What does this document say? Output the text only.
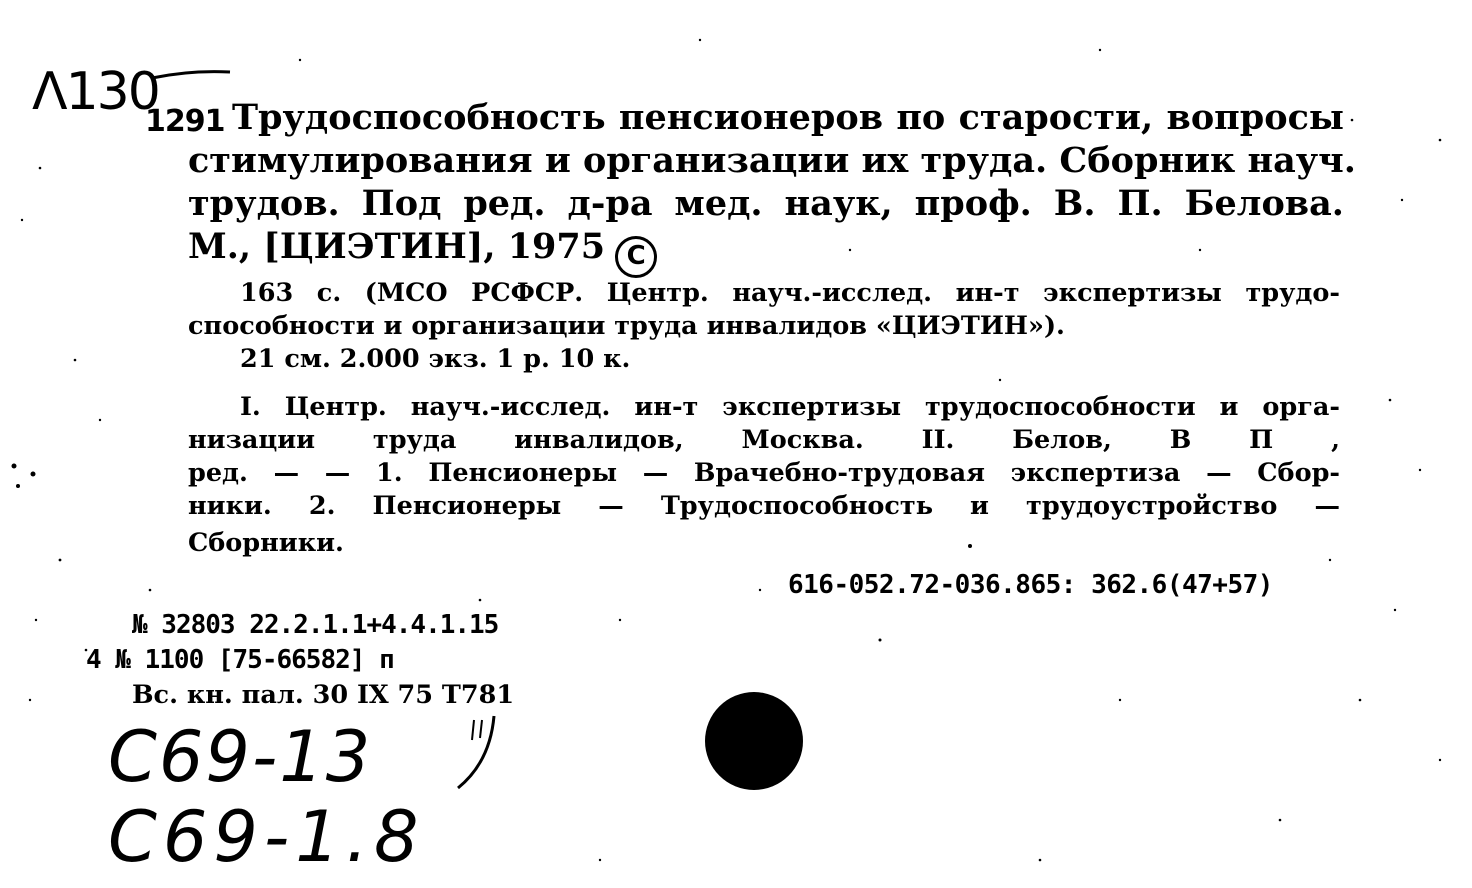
Λ130
1291 Трудоспособность пенсионеров по старости, вопросы
стимулирования и организации их труда. Сборник науч.
трудов. Под ред. д-ра мед. наук, проф. В. П. Белова.
М., [ЦИЭТИН], 1975 C
163 с. (МСО РСФСР. Центр. науч.-исслед. ин-т экспертизы трудо-
способности и организации труда инвалидов «ЦИЭТИН»).
21 см. 2.000 экз. 1 р. 10 к.
I. Центр. науч.-исслед. ин-т экспертизы трудоспособности и орга-
низации труда инвалидов, Москва. II. Белов, В П ,
ред. — — 1. Пенсионеры — Врачебно-трудовая экспертиза — Сбор-
ники. 2. Пенсионеры — Трудоспособность и трудоустройство —
Сборники.
616-052.72-036.865: 362.6(47+57)
№ 32803 22.2.1.1+4.4.1.15
4 № 1100 [75-66582] п
Вс. кн. пал. 30 IX 75 Т781
C69-13
C69-1.8
